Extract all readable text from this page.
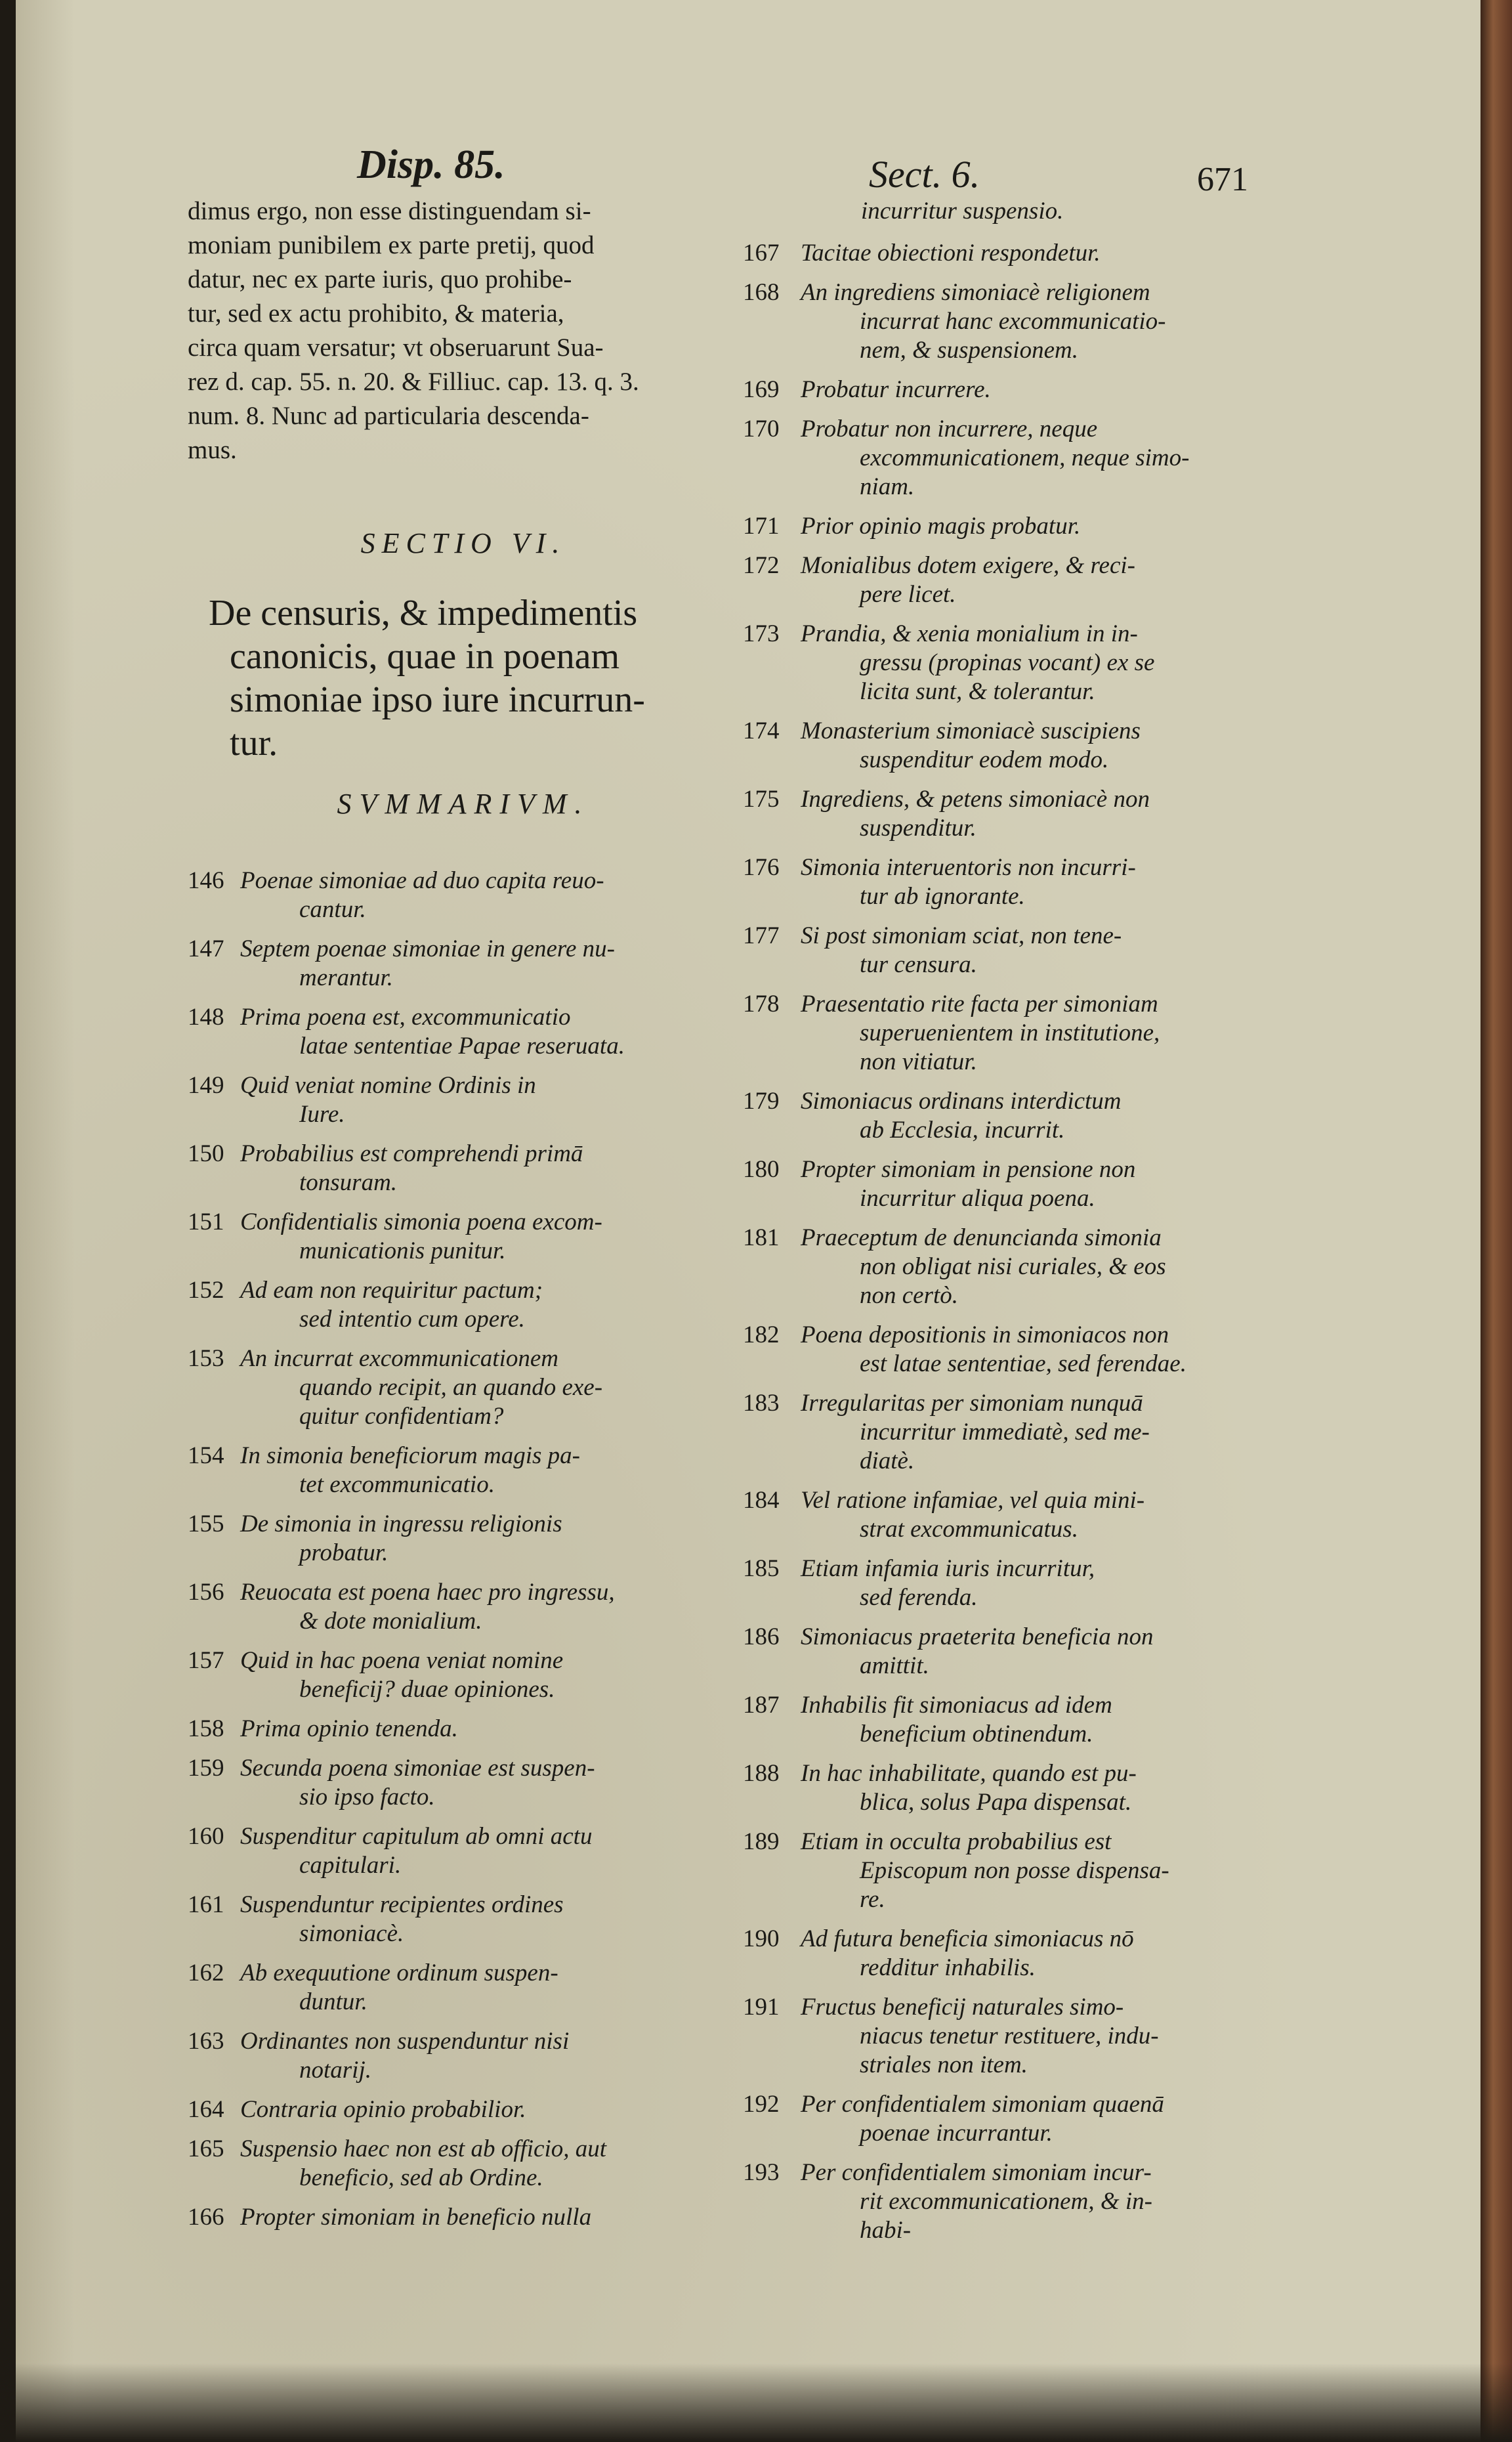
Disp. 85.	Sect. 6.	671

dimus ergo, non esse distinguendam si-

moniam punibilem ex parte pretij, quod

datur, nec ex parte iuris, quo prohibe-

tur, sed ex actu prohibito, & materia,

circa quam versatur; vt obseruarunt Sua-

rez d. cap. 55. n. 20. & Filliuc. cap. 13. q. 3.

num. 8. Nunc ad particularia descenda-

mus.

SECTIO VI.

De censuris, & impedimentis

canonicis, quae in poenam

simoniae ipso iure incurrun-

tur.

SVMMARIVM.
146 Poenae simoniae ad duo capita reuo-
cantur.
147 Septem poenae simoniae in genere nu-
merantur.
148 Prima poena est, excommunicatio
latae sententiae Papae reseruata.
149 Quid veniat nomine Ordinis in
Iure.
150 Probabilius est comprehendi primā
tonsuram.
151 Confidentialis simonia poena excom-
municationis punitur.
152 Ad eam non requiritur pactum;
sed intentio cum opere.
153 An incurrat excommunicationem
quando recipit, an quando exe-
quitur confidentiam?
154 In simonia beneficiorum magis pa-
tet excommunicatio.
155 De simonia in ingressu religionis
probatur.
156 Reuocata est poena haec pro ingressu,
& dote monialium.
157 Quid in hac poena veniat nomine
beneficij? duae opiniones.
158 Prima opinio tenenda.
159 Secunda poena simoniae est suspen-
sio ipso facto.
160 Suspenditur capitulum ab omni actu
capitulari.
161 Suspenduntur recipientes ordines
simoniacè.
162 Ab exequutione ordinum suspen-
duntur.
163 Ordinantes non suspenduntur nisi
notarij.
164 Contraria opinio probabilior.
165 Suspensio haec non est ab officio, aut
beneficio, sed ab Ordine.
166 Propter simoniam in beneficio nulla

incurritur suspensio.

167 Tacitae obiectioni respondetur.
168 An ingrediens simoniacè religionem
incurrat hanc excommunicatio-
nem, & suspensionem.
169 Probatur incurrere.
170 Probatur non incurrere, neque
excommunicationem, neque simo-
niam.
171 Prior opinio magis probatur.
172 Monialibus dotem exigere, & reci-
pere licet.
173 Prandia, & xenia monialium in in-
gressu (propinas vocant) ex se
licita sunt, & tolerantur.
174 Monasterium simoniacè suscipiens
suspenditur eodem modo.
175 Ingrediens, & petens simoniacè non
suspenditur.
176 Simonia interuentoris non incurri-
tur ab ignorante.
177 Si post simoniam sciat, non tene-
tur censura.
178 Praesentatio rite facta per simoniam
superuenientem in institutione,
non vitiatur.
179 Simoniacus ordinans interdictum
ab Ecclesia, incurrit.
180 Propter simoniam in pensione non
incurritur aliqua poena.
181 Praeceptum de denuncianda simonia
non obligat nisi curiales, & eos
non certò.
182 Poena depositionis in simoniacos non
est latae sententiae, sed ferendae.
183 Irregularitas per simoniam nunquā
incurritur immediatè, sed me-
diatè.
184 Vel ratione infamiae, vel quia mini-
strat excommunicatus.
185 Etiam infamia iuris incurritur,
sed ferenda.
186 Simoniacus praeterita beneficia non
amittit.
187 Inhabilis fit simoniacus ad idem
beneficium obtinendum.
188 In hac inhabilitate, quando est pu-
blica, solus Papa dispensat.
189 Etiam in occulta probabilius est
Episcopum non posse dispensa-
re.
190 Ad futura beneficia simoniacus nō
redditur inhabilis.
191 Fructus beneficij naturales simo-
niacus tenetur restituere, indu-
striales non item.
192 Per confidentialem simoniam quaenā
poenae incurrantur.
193 Per confidentialem simoniam incur-
rit excommunicationem, & in-
habi-
